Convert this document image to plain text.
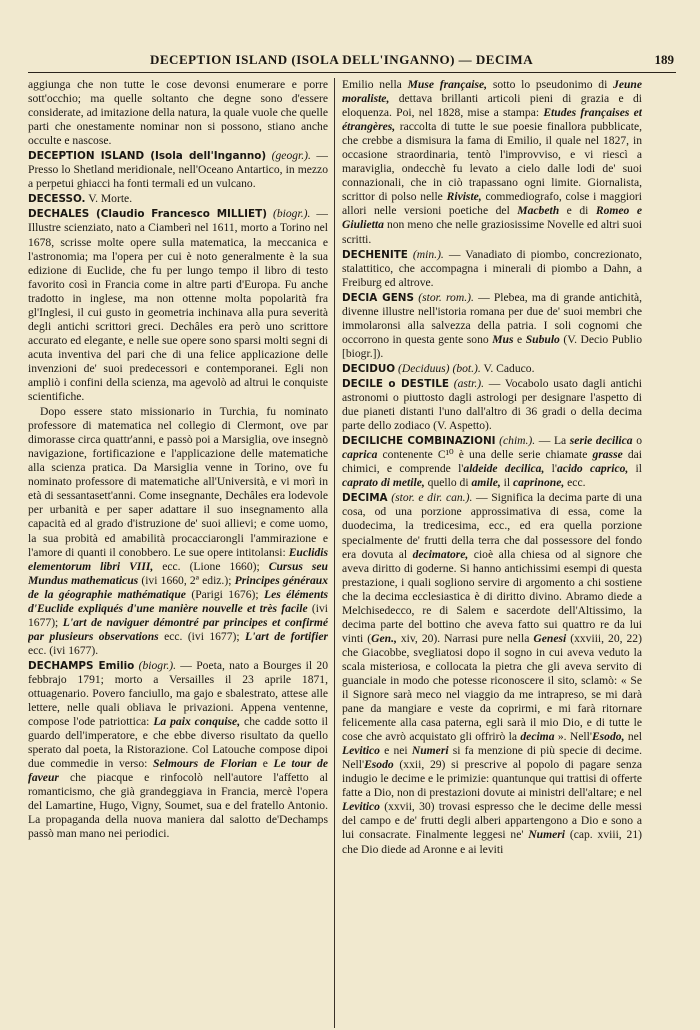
DECEPTION ISLAND (ISOLA DELL'INGANNO) — DECIMA	189

aggiunga che non tutte le cose devonsi enumerare e porre sott'occhio; ma quelle soltanto che degne sono d'essere considerate, ad imitazione della natura, la quale vuole che quelle parti che onestamente nominar non si possono, stiano anche occulte e nascose.

DECEPTION ISLAND (Isola dell'Inganno) (geogr.). — Presso lo Shetland meridionale, nell'Oceano Antartico, in mezzo a perpetui ghiacci ha fonti termali ed un vulcano.

DECESSO. V. Morte.

DECHALES (Claudio Francesco MILLIET) (biogr.). — Illustre scienziato, nato a Ciamberì nel 1611, morto a Torino nel 1678, scrisse molte opere sulla matematica, la meccanica e l'astronomia; ma l'opera per cui è noto generalmente è la sua edizione di Euclide, che fu per lungo tempo il libro di testo favorito così in Francia come in altre parti d'Europa. Fu anche tradotto in inglese, ma non ottenne molta popolarità fra gl'Inglesi, il cui gusto in geometria inchinava alla pura severità degli antichi scrittori greci. Dechâles era però uno scrittore accurato ed elegante, e nelle sue opere sono sparsi molti segni di acuta inventiva del pari che di una felice applicazione delle invenzioni de' suoi predecessori e contemporanei. Egli non ampliò i confini della scienza, ma agevolò ad altrui le conquiste scientifiche.

Dopo essere stato missionario in Turchia, fu nominato professore di matematica nel collegio di Clermont, ove par dimorasse circa quattr'anni, e passò poi a Marsiglia, ove insegnò navigazione, fortificazione e l'applicazione delle matematiche alla scienza pratica. Da Marsiglia venne in Torino, ove fu nominato professore di matematiche all'Università, e vi morì in età di sessantasett'anni. Come insegnante, Dechâles era lodevole per urbanità e per saper adattare il suo insegnamento alla capacità ed al grado d'istruzione de' suoi allievi; e come uomo, la sua probità ed amabilità procacciarongli l'ammirazione e l'amore di quanti il conobbero. Le sue opere intitolansi: Euclidis elementorum libri VIII, ecc. (Lione 1660); Cursus seu Mundus mathematicus (ivi 1660, 2ª ediz.); Principes généraux de la géographie mathématique (Parigi 1676); Les éléments d'Euclide expliqués d'une manière nouvelle et très facile (ivi 1677); L'art de naviguer démontré par principes et confirmé par plusieurs observations ecc. (ivi 1677); L'art de fortifier ecc. (ivi 1677).

DECHAMPS Emilio (biogr.). — Poeta, nato a Bourges il 20 febbrajo 1791; morto a Versailles il 23 aprile 1871, ottuagenario. Povero fanciullo, ma gajo e sbalestrato, attese alle lettere, nelle quali obliava le privazioni. Appena ventenne, compose l'ode patriottica: La paix conquise, che cadde sotto il guardo dell'imperatore, e che ebbe diverso risultato da quello sperato dal poeta, la Ristorazione. Col Latouche compose dipoi due commedie in verso: Selmours de Florian e Le tour de faveur che piacque e rinfocolò nell'autore l'affetto al romanticismo, che già grandeggiava in Francia, mercè l'opera del Lamartine, Hugo, Vigny, Soumet, sua e del fratello Antonio. La propaganda della nuova maniera dal salotto de'Dechamps passò man mano nei periodici.

Emilio nella Muse française, sotto lo pseudonimo di Jeune moraliste, dettava brillanti articoli pieni di grazia e di eloquenza. Poi, nel 1828, mise a stampa: Etudes françaises et étrangères, raccolta di tutte le sue poesie finallora pubblicate, che crebbe a dismisura la fama di Emilio, il quale nel 1827, in occasione straordinaria, tentò l'improvviso, e vi riescì a maraviglia, ondecchè fu levato a cielo dalle lodi de' suoi connazionali, che in ciò trapassano ogni limite. Giornalista, scrittor di polso nelle Riviste, commediografo, colse i maggiori allori nelle versioni poetiche del Macbeth e di Romeo e Giulietta non meno che nelle graziosissime Novelle ed altri suoi scritti.

DECHENITE (min.). — Vanadiato di piombo, concrezionato, stalattitico, che accompagna i minerali di piombo a Dahn, a Freiburg ed altrove.

DECIA GENS (stor. rom.). — Plebea, ma di grande antichità, divenne illustre nell'istoria romana per due de' suoi membri che immolaronsi alla salvezza della patria. I soli cognomi che occorrono in questa gente sono Mus e Subulo (V. Decio Publio [biogr.]).

DECIDUO (Deciduus) (bot.). V. Caduco.

DECILE o DESTILE (astr.). — Vocabolo usato dagli antichi astronomi o piuttosto dagli astrologi per designare l'aspetto di due pianeti distanti l'uno dall'altro di 36 gradi o della decima parte dello zodiaco (V. Aspetto).

DECILICHE COMBINAZIONI (chim.). — La serie decilica o caprica contenente C¹⁰ è una delle serie chiamate grasse dai chimici, e comprende l'aldeide decilica, l'acido caprico, il caprato di metile, quello di amile, il caprinone, ecc.

DECIMA (stor. e dir. can.). — Significa la decima parte di una cosa, od una porzione approssimativa di essa, come la duodecima, la tredicesima, ecc., ed era quella porzione specialmente de' frutti della terra che dal possessore del fondo era dovuta al decimatore, cioè alla chiesa od al signore che aveva diritto di goderne. Si hanno antichissimi esempi di questa prestazione, i quali sogliono servire di argomento a chi sostiene che la decima ecclesiastica è di diritto divino. Abramo diede a Melchisedecco, re di Salem e sacerdote dell'Altissimo, la decima parte del bottino che aveva fatto sui quattro re da lui vinti (Gen., xiv, 20). Narrasi pure nella Genesi (xxviii, 20, 22) che Giacobbe, svegliatosi dopo il sogno in cui aveva veduto la scala misteriosa, e collocata la pietra che gli aveva servito di guanciale in modo che potesse riconoscere il sito, sclamò: « Se il Signore sarà meco nel viaggio da me intrapreso, se mi darà pane da mangiare e veste da coprirmi, e mi farà ritornare felicemente alla casa paterna, egli sarà il mio Dio, e di tutte le cose che avrò acquistato gli offrirò la decima ». Nell'Esodo, nel Levitico e nei Numeri si fa menzione di più specie di decime. Nell'Esodo (xxii, 29) si prescrive al popolo di pagare senza indugio le decime e le primizie: quantunque qui trattisi di offerte fatte a Dio, non di prestazioni dovute ai ministri dell'altare; e nel Levitico (xxvii, 30) trovasi espresso che le decime delle messi del campo e de' frutti degli alberi appartengono a Dio e sono a lui consacrate. Finalmente leggesi ne' Numeri (cap. xviii, 21) che Dio diede ad Aronne e ai leviti
